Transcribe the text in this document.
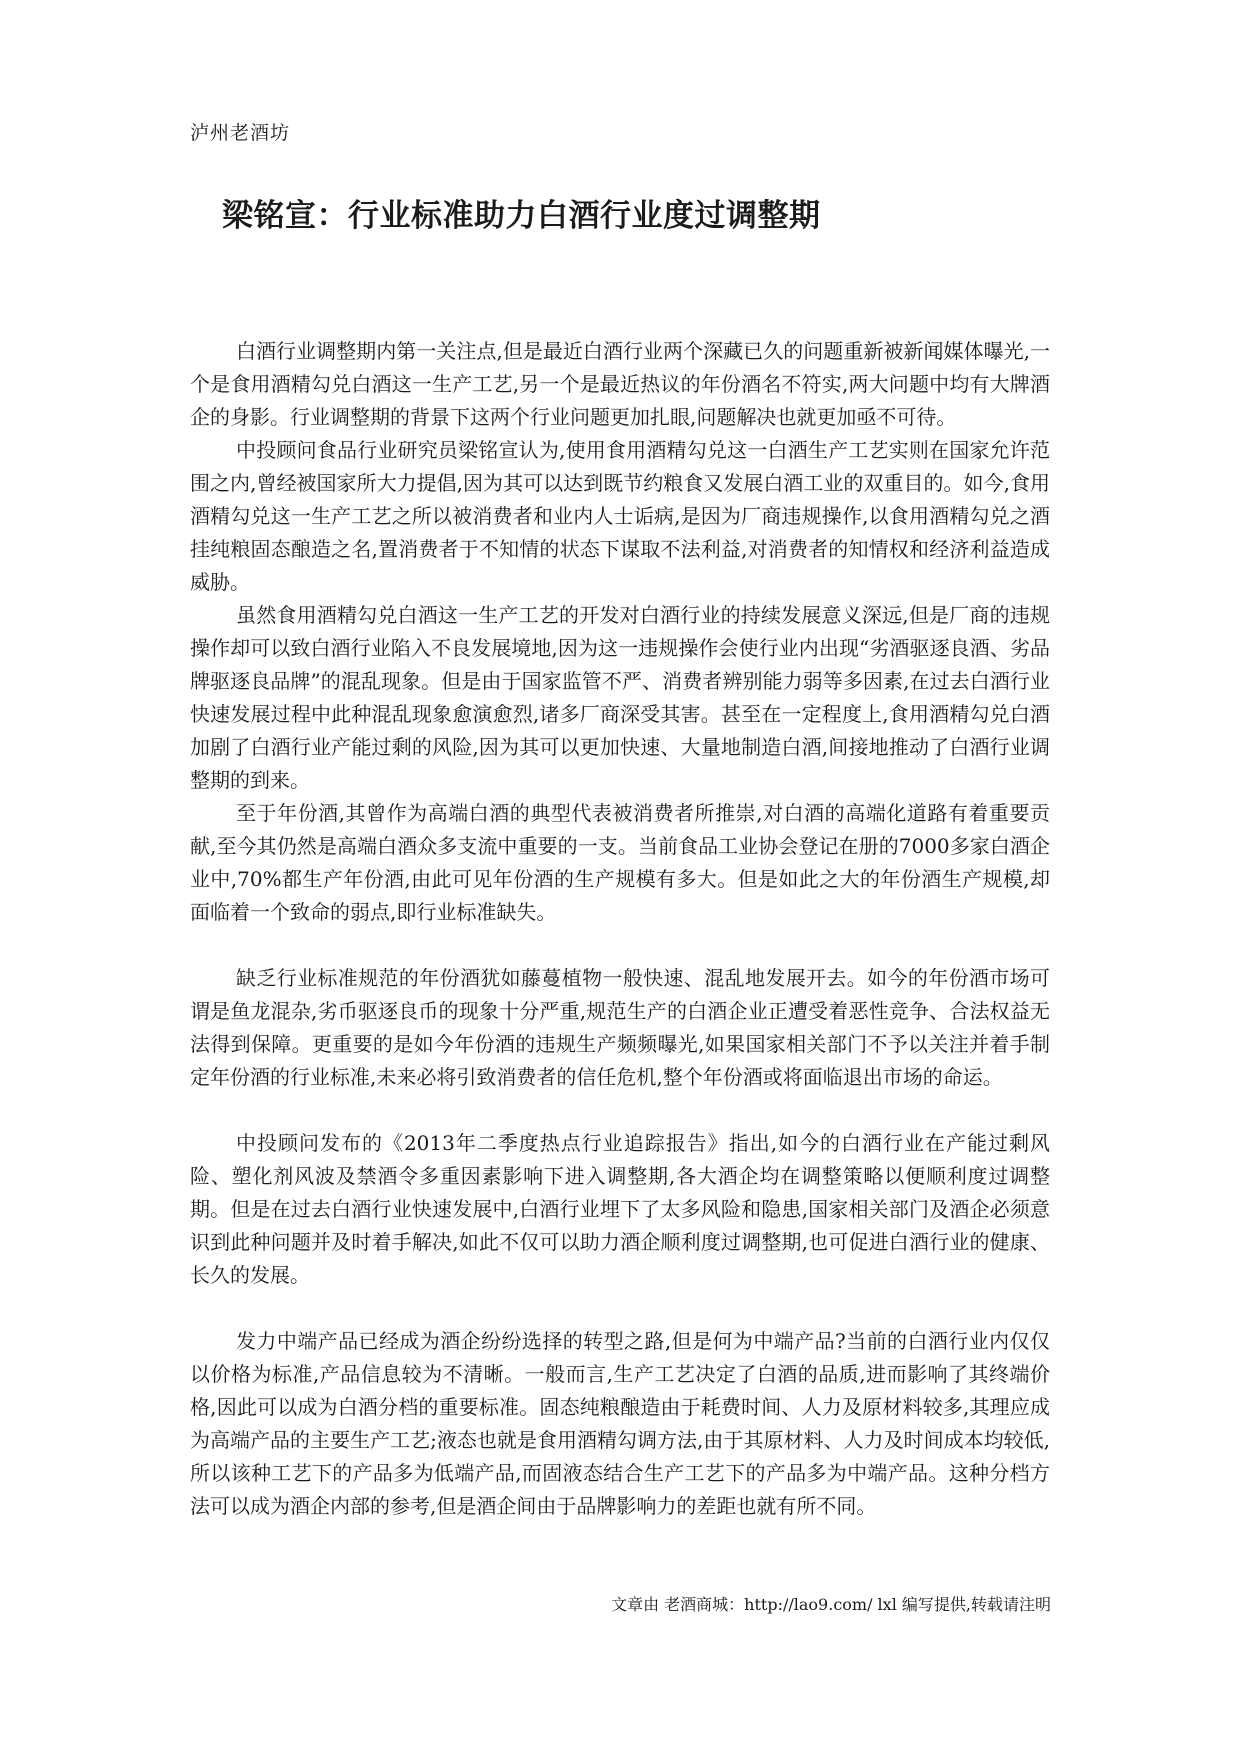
泸州老酒坊
梁铭宣：行业标准助力白酒行业度过调整期

白酒行业调整期内第一关注点,但是最近白酒行业两个深藏已久的问题重新被新闻媒体曝光,一个是食用酒精勾兑白酒这一生产工艺,另一个是最近热议的年份酒名不符实,两大问题中均有大牌酒企的身影。行业调整期的背景下这两个行业问题更加扎眼,问题解决也就更加亟不可待。

中投顾问食品行业研究员梁铭宣认为,使用食用酒精勾兑这一白酒生产工艺实则在国家允许范围之内,曾经被国家所大力提倡,因为其可以达到既节约粮食又发展白酒工业的双重目的。如今,食用酒精勾兑这一生产工艺之所以被消费者和业内人士诟病,是因为厂商违规操作,以食用酒精勾兑之酒挂纯粮固态酿造之名,置消费者于不知情的状态下谋取不法利益,对消费者的知情权和经济利益造成威胁。

虽然食用酒精勾兑白酒这一生产工艺的开发对白酒行业的持续发展意义深远,但是厂商的违规操作却可以致白酒行业陷入不良发展境地,因为这一违规操作会使行业内出现“劣酒驱逐良酒、劣品牌驱逐良品牌”的混乱现象。但是由于国家监管不严、消费者辨别能力弱等多因素,在过去白酒行业快速发展过程中此种混乱现象愈演愈烈,诸多厂商深受其害。甚至在一定程度上,食用酒精勾兑白酒加剧了白酒行业产能过剩的风险,因为其可以更加快速、大量地制造白酒,间接地推动了白酒行业调整期的到来。

至于年份酒,其曾作为高端白酒的典型代表被消费者所推崇,对白酒的高端化道路有着重要贡献,至今其仍然是高端白酒众多支流中重要的一支。当前食品工业协会登记在册的7000多家白酒企业中,70%都生产年份酒,由此可见年份酒的生产规模有多大。但是如此之大的年份酒生产规模,却面临着一个致命的弱点,即行业标准缺失。

缺乏行业标准规范的年份酒犹如藤蔓植物一般快速、混乱地发展开去。如今的年份酒市场可谓是鱼龙混杂,劣币驱逐良币的现象十分严重,规范生产的白酒企业正遭受着恶性竞争、合法权益无法得到保障。更重要的是如今年份酒的违规生产频频曝光,如果国家相关部门不予以关注并着手制定年份酒的行业标准,未来必将引致消费者的信任危机,整个年份酒或将面临退出市场的命运。

中投顾问发布的《2013年二季度热点行业追踪报告》指出,如今的白酒行业在产能过剩风险、塑化剂风波及禁酒令多重因素影响下进入调整期,各大酒企均在调整策略以便顺利度过调整期。但是在过去白酒行业快速发展中,白酒行业埋下了太多风险和隐患,国家相关部门及酒企必须意识到此种问题并及时着手解决,如此不仅可以助力酒企顺利度过调整期,也可促进白酒行业的健康、长久的发展。

发力中端产品已经成为酒企纷纷选择的转型之路,但是何为中端产品?当前的白酒行业内仅仅以价格为标准,产品信息较为不清晰。一般而言,生产工艺决定了白酒的品质,进而影响了其终端价格,因此可以成为白酒分档的重要标准。固态纯粮酿造由于耗费时间、人力及原材料较多,其理应成为高端产品的主要生产工艺;液态也就是食用酒精勾调方法,由于其原材料、人力及时间成本均较低,所以该种工艺下的产品多为低端产品,而固液态结合生产工艺下的产品多为中端产品。这种分档方法可以成为酒企内部的参考,但是酒企间由于品牌影响力的差距也就有所不同。

文章由 老酒商城：http://lao9.com/ lxl 编写提供,转载请注明
